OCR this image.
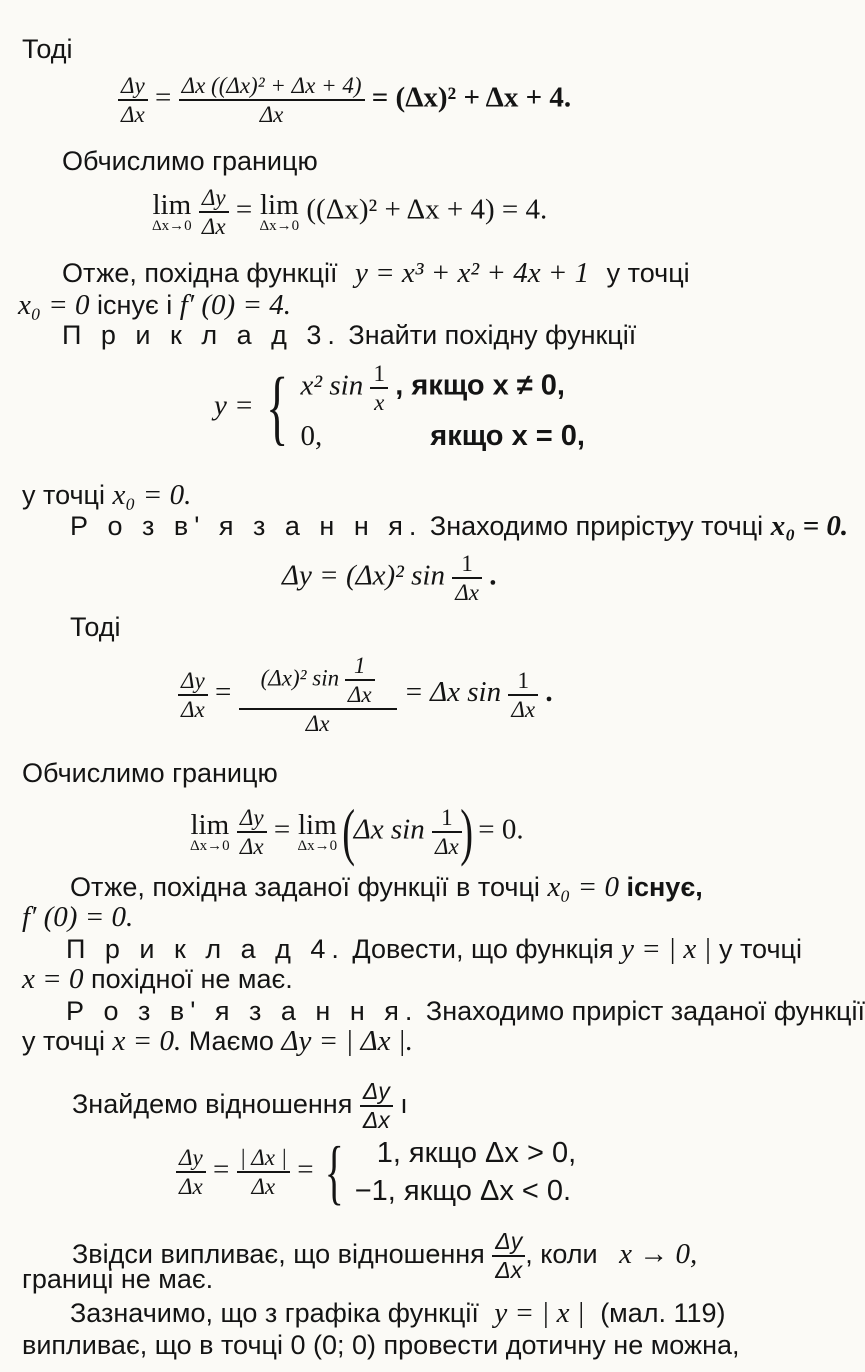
Тоді
$\frac{\Delta y}{\Delta x} = \frac{\text{Δx ((Δx)² + Δx + 4)}}{\Delta x} = (\Delta x)^2 + \Delta x + 4$.
Обчислимо границю
lim
Δx→0
$\frac{\Delta y}{\Delta x} = \lim$
Δx→0 ((Δx)² + Δx + 4) = 4.
Отже, похідна функції y = x³ + x² + 4x + 1 у точці
x₀ = 0 існує і f′ (0) = 4.
П р и к л а д 3. Знайти похідну функції
y = { x² $\sin \frac{1}{x}$ , якщо x ≠ 0,
0,	якщо x = 0,
у точці x₀ = 0.
Р о з в' я з а н н я. Знаходимо прирістyу точці x₀ = 0.
Δy = (Δx)² $\sin \frac{1}{\Delta x}$ .
Тоді
$\frac{\Delta y}{\Delta x} = \frac{(\Delta x)^2 \sin \frac{1}{\Delta x}}{\Delta x} = \Delta x$ $\sin \frac{1}{\Delta x}$ .
Обчислимо границю
lim
Δx→0
$\frac{\Delta y}{\Delta x} = \lim$
Δx→0 (Δx $\sin \frac{1}{\Delta x}$
) = 0.
Отже, похідна заданої функції в точці x₀ = 0 існує,
f′ (0) = 0.
П р и к л а д 4. Довести, що функція y = | x | у точці
x = 0 похідної не має.
Р о з в' я з а н н я. Знаходимо приріст заданої функції
у точці x = 0. Маємо Δy = | Δx |.
Знайдемо відношення $\frac{\Delta y}{\Delta x}$ ı
$\frac{\Delta y}{\Delta x} = \frac{| \Delta x |}{\Delta x}$ = {	1, якщо Δx > 0,
−1, якщо Δx < 0.
Звідси випливає, що відношення $\frac{\Delta y}{\Delta x}$ , коли x → 0,
границі не має.
Зазначимо, що з графіка функції y = | x | (мал. 119)
випливає, що в точці 0 (0; 0) провести дотичну не можна,
